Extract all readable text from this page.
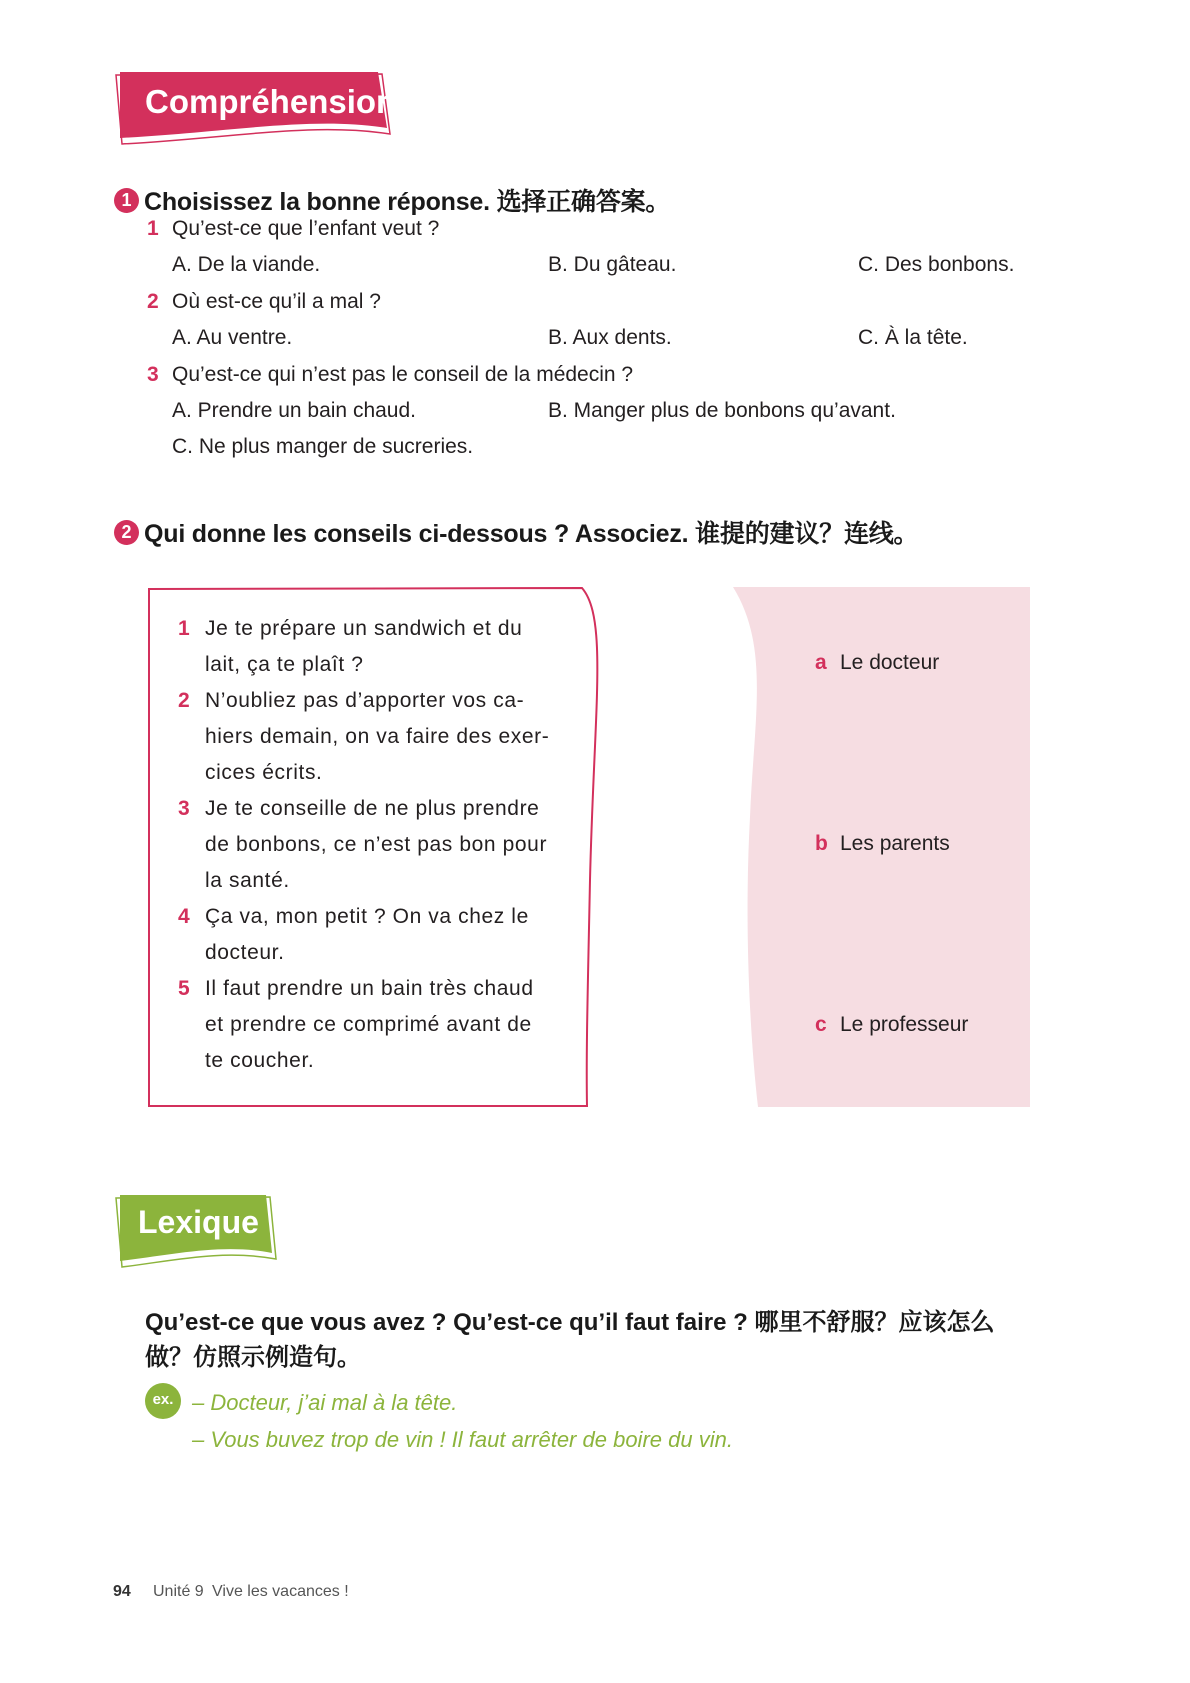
Compréhension
1 Choisissez la bonne réponse. 选择正确答案。
1 Qu’est-ce que l’enfant veut ?
A. De la viande.	B. Du gâteau.	C. Des bonbons.
2 Où est-ce qu’il a mal ?
A. Au ventre.	B. Aux dents.	C. À la tête.
3 Qu’est-ce qui n’est pas le conseil de la médecin ?
A. Prendre un bain chaud.	B. Manger plus de bonbons qu’avant.
C. Ne plus manger de sucreries.
2 Qui donne les conseils ci-dessous ? Associez. 谁提的建议？连线。
1 Je te prépare un sandwich et du
lait, ça te plaît ?
2 N’oubliez pas d’apporter vos ca-
hiers demain, on va faire des exer-
cices écrits.
3 Je te conseille de ne plus prendre
de bonbons, ce n’est pas bon pour
la santé.
4 Ça va, mon petit ? On va chez le
docteur.
5 Il faut prendre un bain très chaud
et prendre ce comprimé avant de
te coucher.
a Le docteur
b Les parents
c Le professeur
Lexique
Qu’est-ce que vous avez ? Qu’est-ce qu’il faut faire ? 哪里不舒服？应该怎么
做？仿照示例造句。
ex. – Docteur, j’ai mal à la tête.
– Vous buvez trop de vin ! Il faut arrêter de boire du vin.
94 Unité 9 Vive les vacances !
